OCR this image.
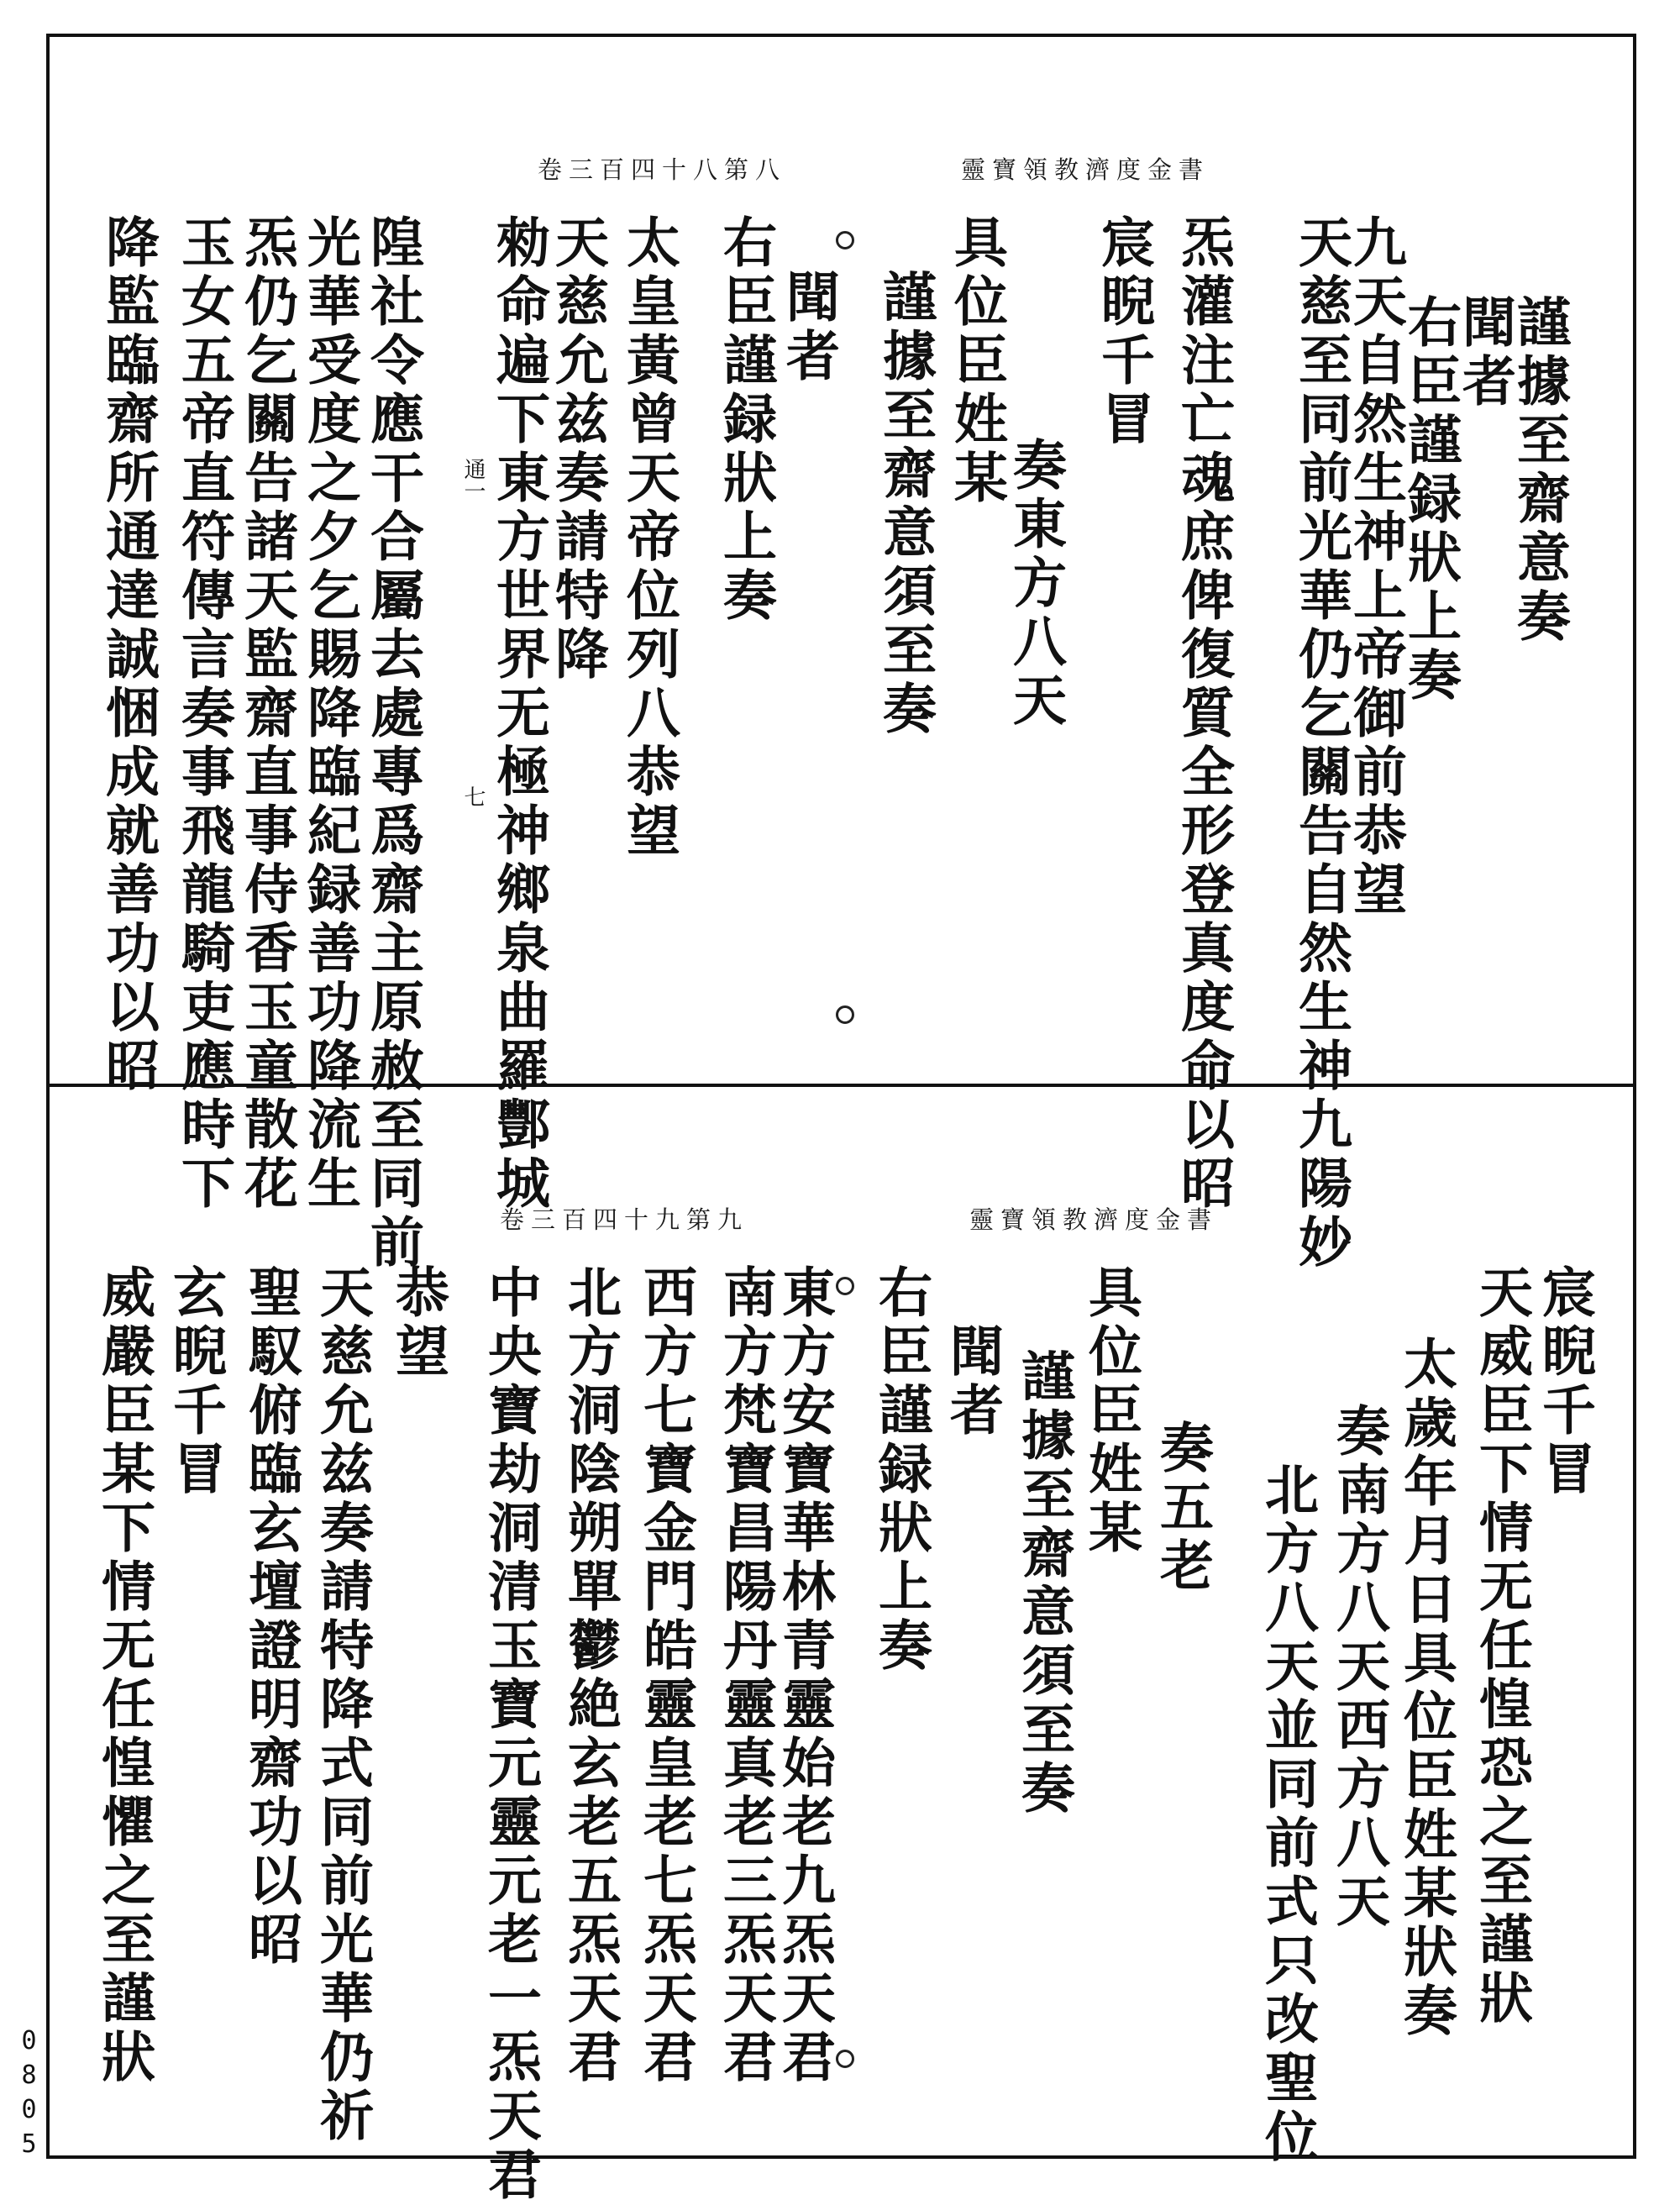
卷三百四十八第八	靈寶領教濟度金書
謹據至齋意奏
聞者
右臣謹録狀上奏
九天自然生神上帝御前恭望
天慈至同前光華仍乞關告自然生神九陽妙
炁灌注亡魂庶俾復質全形登真度命以昭
宸睨千冒
奏東方八天
具位臣姓某
謹據至齋意須至奏
聞者
右臣謹録狀上奏
太皇黃曾天帝位列八恭望
天慈允兹奏請特降
勑命遍下東方世界无極神鄉泉曲羅酆城
隍社令應干合屬去處專爲齋主原赦至同前
光華受度之夕乞賜降臨紀録善功降流生
炁仍乞關告諸天監齋直事侍香玉童散花
玉女五帝直符傳言奏事飛龍騎吏應時下
降監臨齋所通達誠悃成就善功以昭	通一
七
卷三百四十九第九	靈寶領教濟度金書
宸睨千冒
天威臣下情无任惶恐之至謹狀
太歲年月日具位臣姓某狀奏
奏南方八天西方八天
北方八天並同前式只改聖位
具位臣姓某 奏五老
謹據至齋意須至奏
聞者
右臣謹録狀上奏
東方安寶華林青靈始老九炁天君
南方梵寶昌陽丹靈真老三炁天君
西方七寶金門皓靈皇老七炁天君
北方洞陰朔單鬱絶玄老五炁天君
中央寶劫洞清玉寶元靈元老一炁天君
恭望
天慈允兹奏請特降式同前光華仍祈
聖馭俯臨玄壇證明齋功以昭
玄睨千冒
威嚴臣某下情无任惶懼之至謹狀
0805
